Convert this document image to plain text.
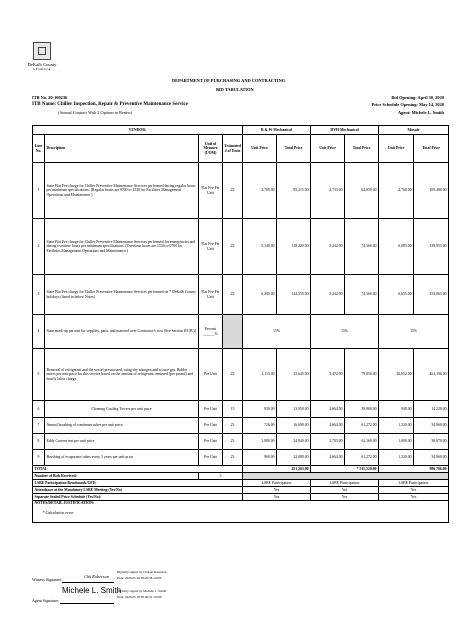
DeKalb County
GEORGIA
DEPARTMENT OF PURCHASING AND CONTRACTING
BID TABULATION
ITB No. 20-100236
ITB Name: Chiller Inspection, Repair & Preventive Maintenance Service
(Annual Contract With 2 Options to Renew)
Bid Opening: April 30, 2020
Price Schedule Opening: May 14, 2020
Agent: Michele L. Smith
VENDOR:				B & W Mechanical		HVH Mechanical		Maxair	
Line No.	Description	Unit of Measure (UOM)	Estimated # of Units	Unit Price	Total Price	Unit Price	Total Price	Unit Price	Total Price
1	State Flat Fee charge for Chiller Preventive Maintenance Services performed during regular hours per minimum specifications. (Regular hours are 0700 to 1530 for Facilities Management Operations and Maintenance.)	Flat Fee Per Unit	23	3,705.00	85,215.00	2,733.00	62,859.00	4,760.00	109,480.00
2	State Flat Fee charge for Chiller Preventive Maintenance Services performed for emergencies and during overtime hours per minimum specifications. (Overtime hours are 1530 to 0700 for Facilities Management Operations and Maintenance.)	Flat Fee Per Unit	23	5,140.00	118,220.00	3,242.00	74,566.00	6,085.00	139,955.00
3	State Flat Fee charge for Chiller Preventive Maintenance Services performed on * DeKalb County holidays (listed in below Notes)	Flat Fee Per Unit	23	6,285.00	144,555.00	3,242.00	74,566.00	6,655.00	153,065.00
4	State mark-up percent for supplies, parts, and material over Contractor's cost [See Section III (B.)]	Percent ______%		15%		15%		15%	
5	Removal of refrigerant and the vessel pressurized, using dry nitrogen and a trace gas. Bidder enters per unit price for this service based on the amount of refrigerant removed (per pound) and hourly labor charge.	Per Unit	23	1,115.00	25,645.00	3,472.00	79,856.00	20,052.00	461,196.00
6	Cleaning Cooling Towers per unit price	Per Unit	15	930.00	13,950.00	2,664.00	39,960.00	948.00	14,220.00
7	Annual brushing of condenser tubes per unit price	Per Unit	23	726.00	16,698.00	2,664.00	61,272.00	1,520.00	34,960.00
8	Eddy Current test per unit price	Per Unit	23	1,080.00	24,840.00	2,703.00	62,169.00	1,690.00	38,870.00
9	Brushing of evaporator tubes every 3 years per unit price	Per Unit	23	960.00	22,080.00	2,664.00	61,272.00	1,520.00	34,960.00
TOTAL				451,203.00		* 515,520.00		986,706.00	
Number of Bids Received:		3							
LSBE Participation Benchmark/GFE:				LSBE Participation		LSBE Participation		LSBE Participation	
Attendance at the Mandatory LSBE Meeting (Yes/No)				Yes		Yes		Yes	
Separate Sealed Price Schedule (Yes/No):				Yes		Yes		Yes	

NOTES/DETAIL JUSTIFICATION:
* Calculation error									
Witness Signature:
Chk Roberson
Digitally signed by Chalsie Roberson
Date: 2020.05.18 08:26:38 -04'00'
Agent Signature:
Michele L. Smith
Digitally signed by Michele L. Smith
Date: 2020.05.18 08:46:32 -04'00'
